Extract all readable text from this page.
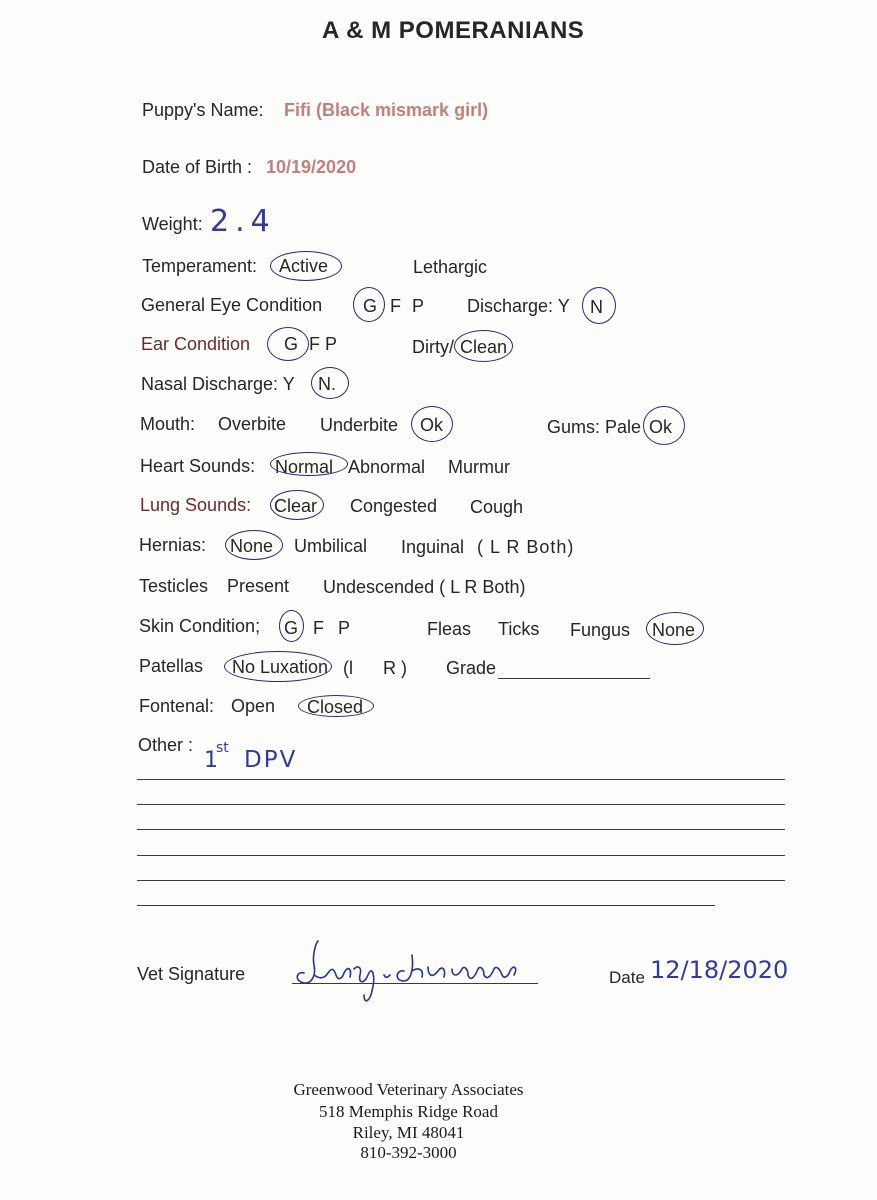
A & M POMERANIANS
Puppy's Name: Fifi (Black mismark girl)
Date of Birth : 10/19/2020
Weight: 2.4
Temperament: Active	Lethargic
General Eye Condition G F P Discharge: Y N
Ear Condition G F P	Dirty/ Clean
Nasal Discharge: Y N.
Mouth: Overbite Underbite Ok	Gums: Pale Ok
Heart Sounds: Normal Abnormal Murmur
Lung Sounds: Clear Congested Cough
Hernias: None Umbilical Inguinal ( L R Both)
Testicles Present Undescended ( L R Both)
Skin Condition; G F P	Fleas Ticks Fungus None
Patellas No Luxation (l      R ) Grade
Fontenal: Open Closed
Other :
1
st DPV
Vet Signature	Date 12/18/2020
Greenwood Veterinary Associates
518 Memphis Ridge Road
Riley, MI 48041
810-392-3000
